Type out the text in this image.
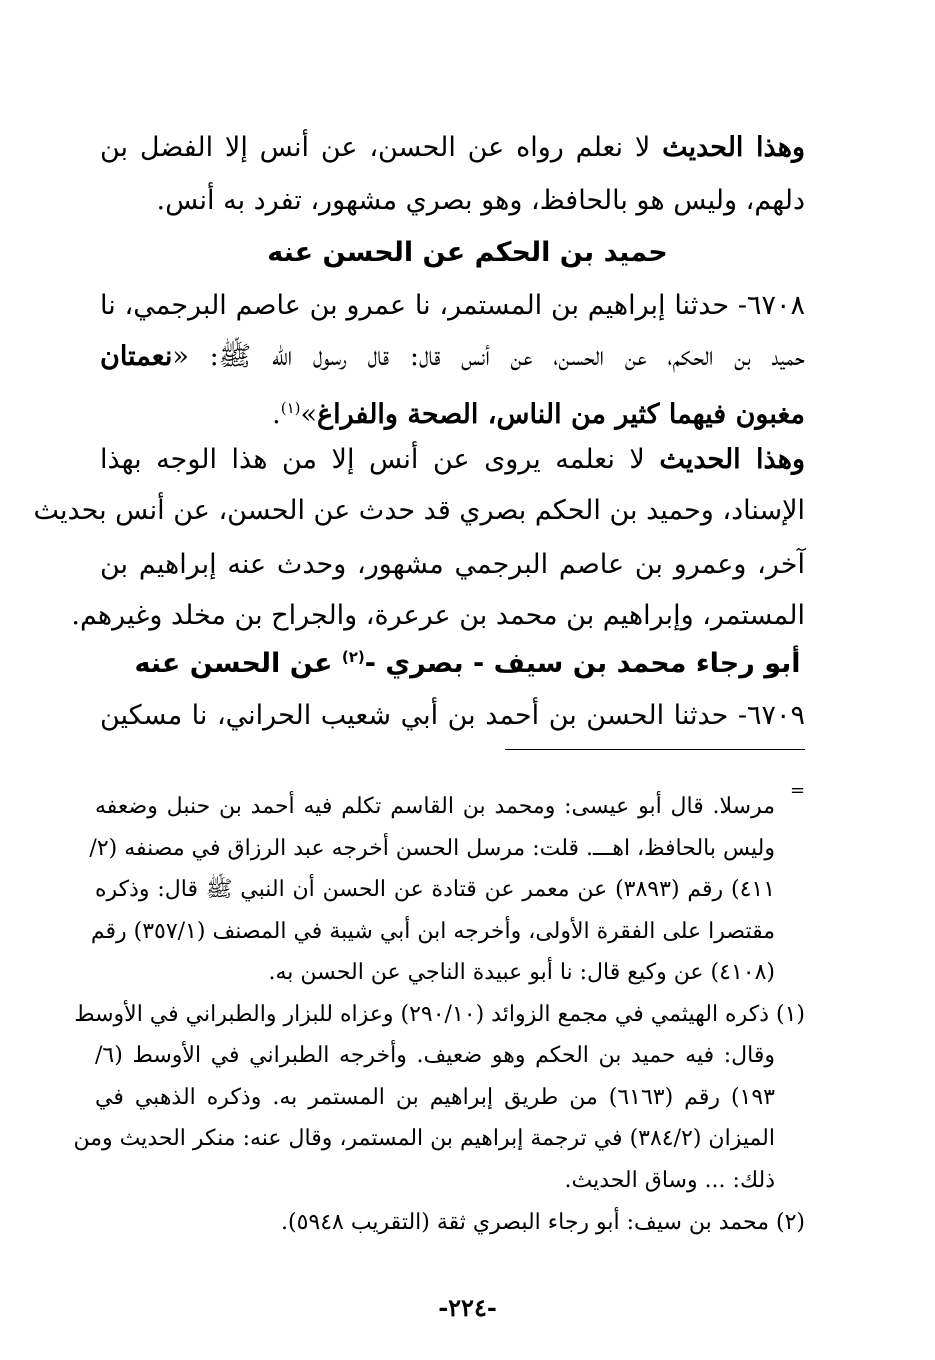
وهذا الحديث لا نعلم رواه عن الحسن، عن أنس إلا الفضل بن
دلهم، وليس هو بالحافظ، وهو بصري مشهور، تفرد به أنس.
حميد بن الحكم عن الحسن عنه
٦٧٠٨- حدثنا إبراهيم بن المستمر، نا عمرو بن عاصم البرجمي، نا
حميد بن الحكم، عن الحسن، عن أنس قال: قال رسول الله ﷺ: «نعمتان
مغبون فيهما كثير من الناس، الصحة والفراغ»$^{(١)}$.
وهذا الحديث لا نعلمه يروى عن أنس إلا من هذا الوجه بهذا
الإسناد، وحميد بن الحكم بصري قد حدث عن الحسن، عن أنس بحديث
آخر، وعمرو بن عاصم البرجمي مشهور، وحدث عنه إبراهيم بن
المستمر، وإبراهيم بن محمد بن عرعرة، والجراح بن مخلد وغيرهم.
أبو رجاء محمد بن سيف - بصري -$^{(٢)}$ عن الحسن عنه
٦٧٠٩- حدثنا الحسن بن أحمد بن أبي شعيب الحراني، نا مسكين
=
مرسلا. قال أبو عيسى: ومحمد بن القاسم تكلم فيه أحمد بن حنبل وضعفه
وليس بالحافظ، اهـــ. قلت: مرسل الحسن أخرجه عبد الرزاق في مصنفه (٢/
٤١١) رقم (٣٨٩٣) عن معمر عن قتادة عن الحسن أن النبي ﷺ قال: وذكره
مقتصرا على الفقرة الأولى، وأخرجه ابن أبي شيبة في المصنف (٣٥٧/١) رقم
(٤١٠٨) عن وكيع قال: نا أبو عبيدة الناجي عن الحسن به.
(١) ذكره الهيثمي في مجمع الزوائد (٢٩٠/١٠) وعزاه للبزار والطبراني في الأوسط
وقال: فيه حميد بن الحكم وهو ضعيف. وأخرجه الطبراني في الأوسط (٦/
١٩٣) رقم (٦١٦٣) من طريق إبراهيم بن المستمر به. وذكره الذهبي في
الميزان (٣٨٤/٢) في ترجمة إبراهيم بن المستمر، وقال عنه: منكر الحديث ومن
ذلك: ... وساق الحديث.
(٢) محمد بن سيف: أبو رجاء البصري ثقة (التقريب ٥٩٤٨).
-٢٢٤-
